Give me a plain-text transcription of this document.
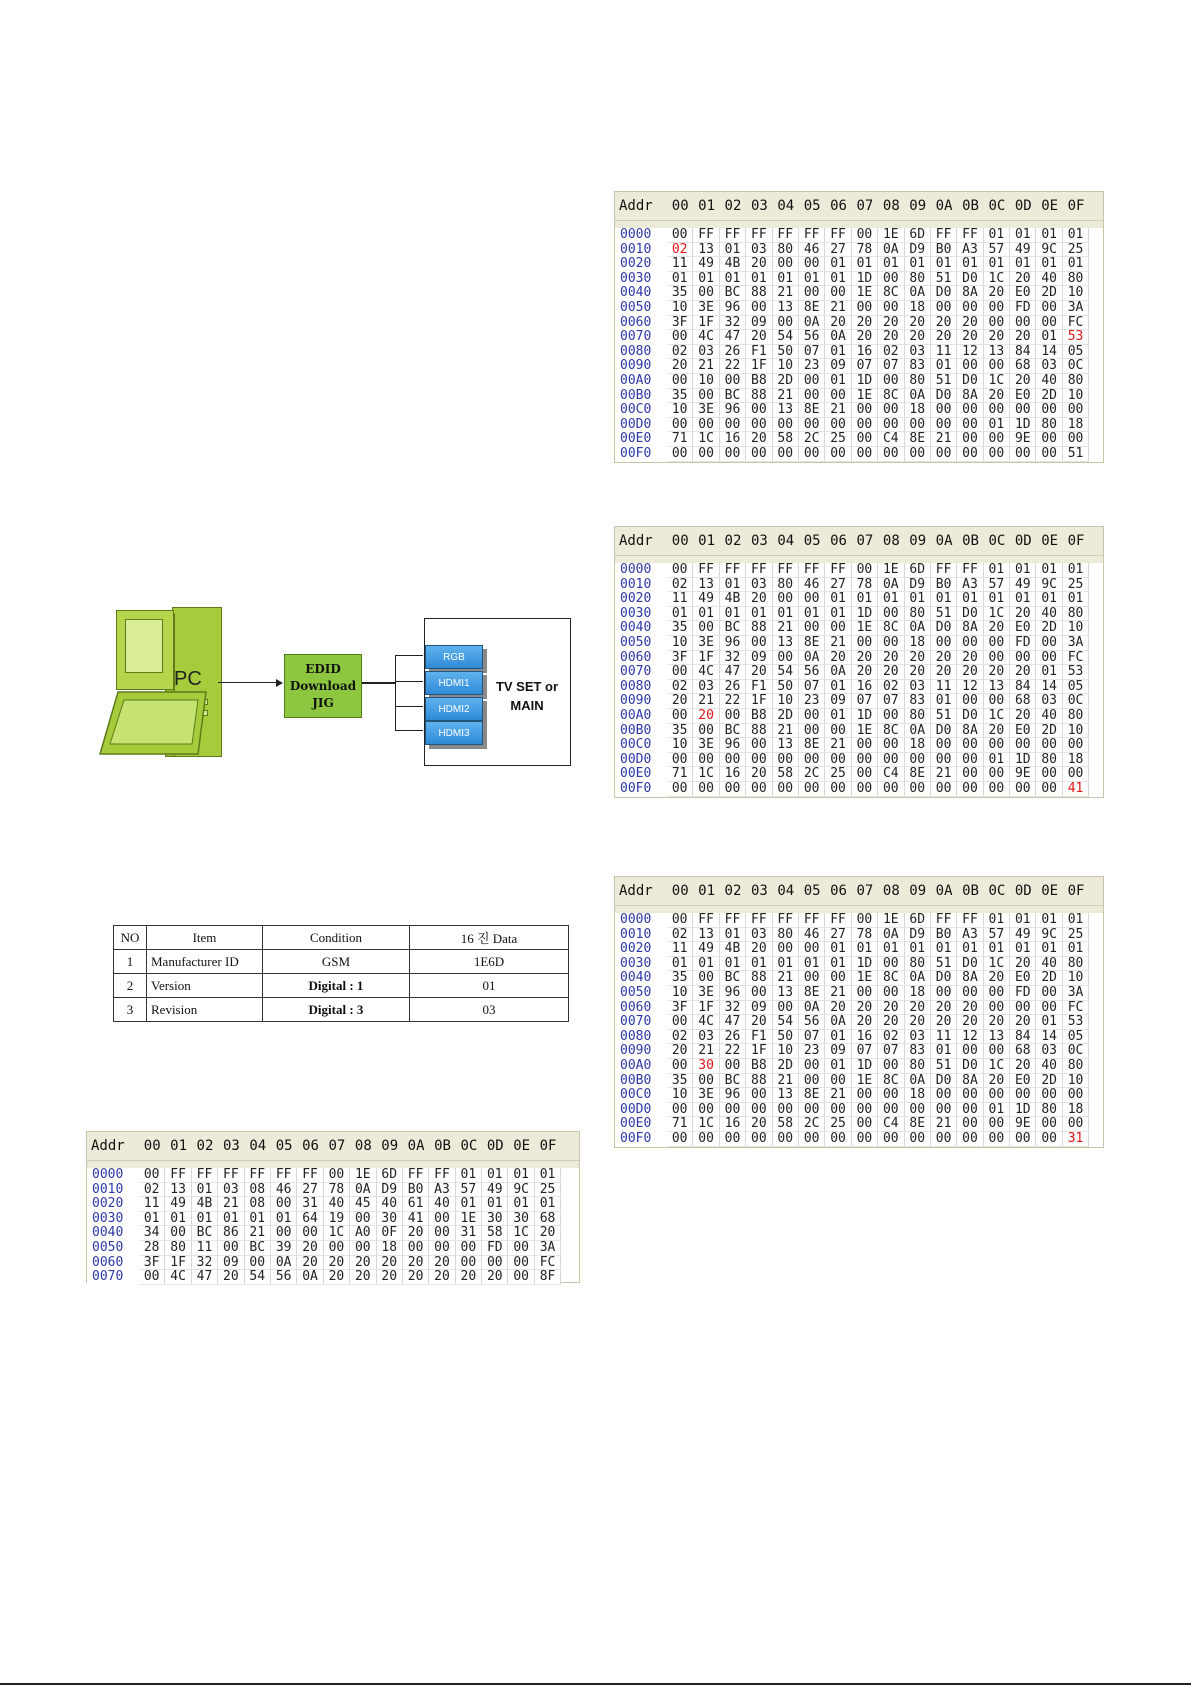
Addr	00 01 02 03 04 05 06 07 08 09 0A 0B 0C 0D 0E 0F
0000	00 FF FF FF FF FF FF 00 1E 6D FF FF 01 01 01 01
0010	02 13 01 03 80 46 27 78 0A D9 B0 A3 57 49 9C 25
0020	11 49 4B 20 00 00 01 01 01 01 01 01 01 01 01 01
0030	01 01 01 01 01 01 01 1D 00 80 51 D0 1C 20 40 80
0040	35 00 BC 88 21 00 00 1E 8C 0A D0 8A 20 E0 2D 10
0050	10 3E 96 00 13 8E 21 00 00 18 00 00 00 FD 00 3A
0060	3F 1F 32 09 00 0A 20 20 20 20 20 20 00 00 00 FC
0070	00 4C 47 20 54 56 0A 20 20 20 20 20 20 20 01 53
0080	02 03 26 F1 50 07 01 16 02 03 11 12 13 84 14 05
0090	20 21 22 1F 10 23 09 07 07 83 01 00 00 68 03 0C
00A0	00 10 00 B8 2D 00 01 1D 00 80 51 D0 1C 20 40 80
00B0	35 00 BC 88 21 00 00 1E 8C 0A D0 8A 20 E0 2D 10
00C0	10 3E 96 00 13 8E 21 00 00 18 00 00 00 00 00 00
00D0	00 00 00 00 00 00 00 00 00 00 00 00 01 1D 80 18
00E0	71 1C 16 20 58 2C 25 00 C4 8E 21 00 00 9E 00 00
00F0	00 00 00 00 00 00 00 00 00 00 00 00 00 00 00 51
Addr	00 01 02 03 04 05 06 07 08 09 0A 0B 0C 0D 0E 0F
0000	00 FF FF FF FF FF FF 00 1E 6D FF FF 01 01 01 01
0010	02 13 01 03 80 46 27 78 0A D9 B0 A3 57 49 9C 25
0020	11 49 4B 20 00 00 01 01 01 01 01 01 01 01 01 01
0030	01 01 01 01 01 01 01 1D 00 80 51 D0 1C 20 40 80
0040	35 00 BC 88 21 00 00 1E 8C 0A D0 8A 20 E0 2D 10
0050	10 3E 96 00 13 8E 21 00 00 18 00 00 00 FD 00 3A
0060	3F 1F 32 09 00 0A 20 20 20 20 20 20 00 00 00 FC
0070	00 4C 47 20 54 56 0A 20 20 20 20 20 20 20 01 53
0080	02 03 26 F1 50 07 01 16 02 03 11 12 13 84 14 05
0090	20 21 22 1F 10 23 09 07 07 83 01 00 00 68 03 0C
00A0	00 20 00 B8 2D 00 01 1D 00 80 51 D0 1C 20 40 80
00B0	35 00 BC 88 21 00 00 1E 8C 0A D0 8A 20 E0 2D 10
00C0	10 3E 96 00 13 8E 21 00 00 18 00 00 00 00 00 00
00D0	00 00 00 00 00 00 00 00 00 00 00 00 01 1D 80 18
00E0	71 1C 16 20 58 2C 25 00 C4 8E 21 00 00 9E 00 00
00F0	00 00 00 00 00 00 00 00 00 00 00 00 00 00 00 41
Addr	00 01 02 03 04 05 06 07 08 09 0A 0B 0C 0D 0E 0F
0000	00 FF FF FF FF FF FF 00 1E 6D FF FF 01 01 01 01
0010	02 13 01 03 80 46 27 78 0A D9 B0 A3 57 49 9C 25
0020	11 49 4B 20 00 00 01 01 01 01 01 01 01 01 01 01
0030	01 01 01 01 01 01 01 1D 00 80 51 D0 1C 20 40 80
0040	35 00 BC 88 21 00 00 1E 8C 0A D0 8A 20 E0 2D 10
0050	10 3E 96 00 13 8E 21 00 00 18 00 00 00 FD 00 3A
0060	3F 1F 32 09 00 0A 20 20 20 20 20 20 00 00 00 FC
0070	00 4C 47 20 54 56 0A 20 20 20 20 20 20 20 01 53
0080	02 03 26 F1 50 07 01 16 02 03 11 12 13 84 14 05
0090	20 21 22 1F 10 23 09 07 07 83 01 00 00 68 03 0C
00A0	00 30 00 B8 2D 00 01 1D 00 80 51 D0 1C 20 40 80
00B0	35 00 BC 88 21 00 00 1E 8C 0A D0 8A 20 E0 2D 10
00C0	10 3E 96 00 13 8E 21 00 00 18 00 00 00 00 00 00
00D0	00 00 00 00 00 00 00 00 00 00 00 00 01 1D 80 18
00E0	71 1C 16 20 58 2C 25 00 C4 8E 21 00 00 9E 00 00
00F0	00 00 00 00 00 00 00 00 00 00 00 00 00 00 00 31
Addr	00 01 02 03 04 05 06 07 08 09 0A 0B 0C 0D 0E 0F
0000	00 FF FF FF FF FF FF 00 1E 6D FF FF 01 01 01 01
0010	02 13 01 03 08 46 27 78 0A D9 B0 A3 57 49 9C 25
0020	11 49 4B 21 08 00 31 40 45 40 61 40 01 01 01 01
0030	01 01 01 01 01 01 64 19 00 30 41 00 1E 30 30 68
0040	34 00 BC 86 21 00 00 1C A0 0F 20 00 31 58 1C 20
0050	28 80 11 00 BC 39 20 00 00 18 00 00 00 FD 00 3A
0060	3F 1F 32 09 00 0A 20 20 20 20 20 20 00 00 00 FC
0070	00 4C 47 20 54 56 0A 20 20 20 20 20 20 20 00 8F
PC	EDID
Download
JIG
RGB
HDMI1
HDMI2
HDMI3
TV SET or
MAIN
NO	Item	Condition	16 진 Data
1	Manufacturer ID	GSM	1E6D
2	Version	Digital : 1	01
3	Revision	Digital : 3	03
